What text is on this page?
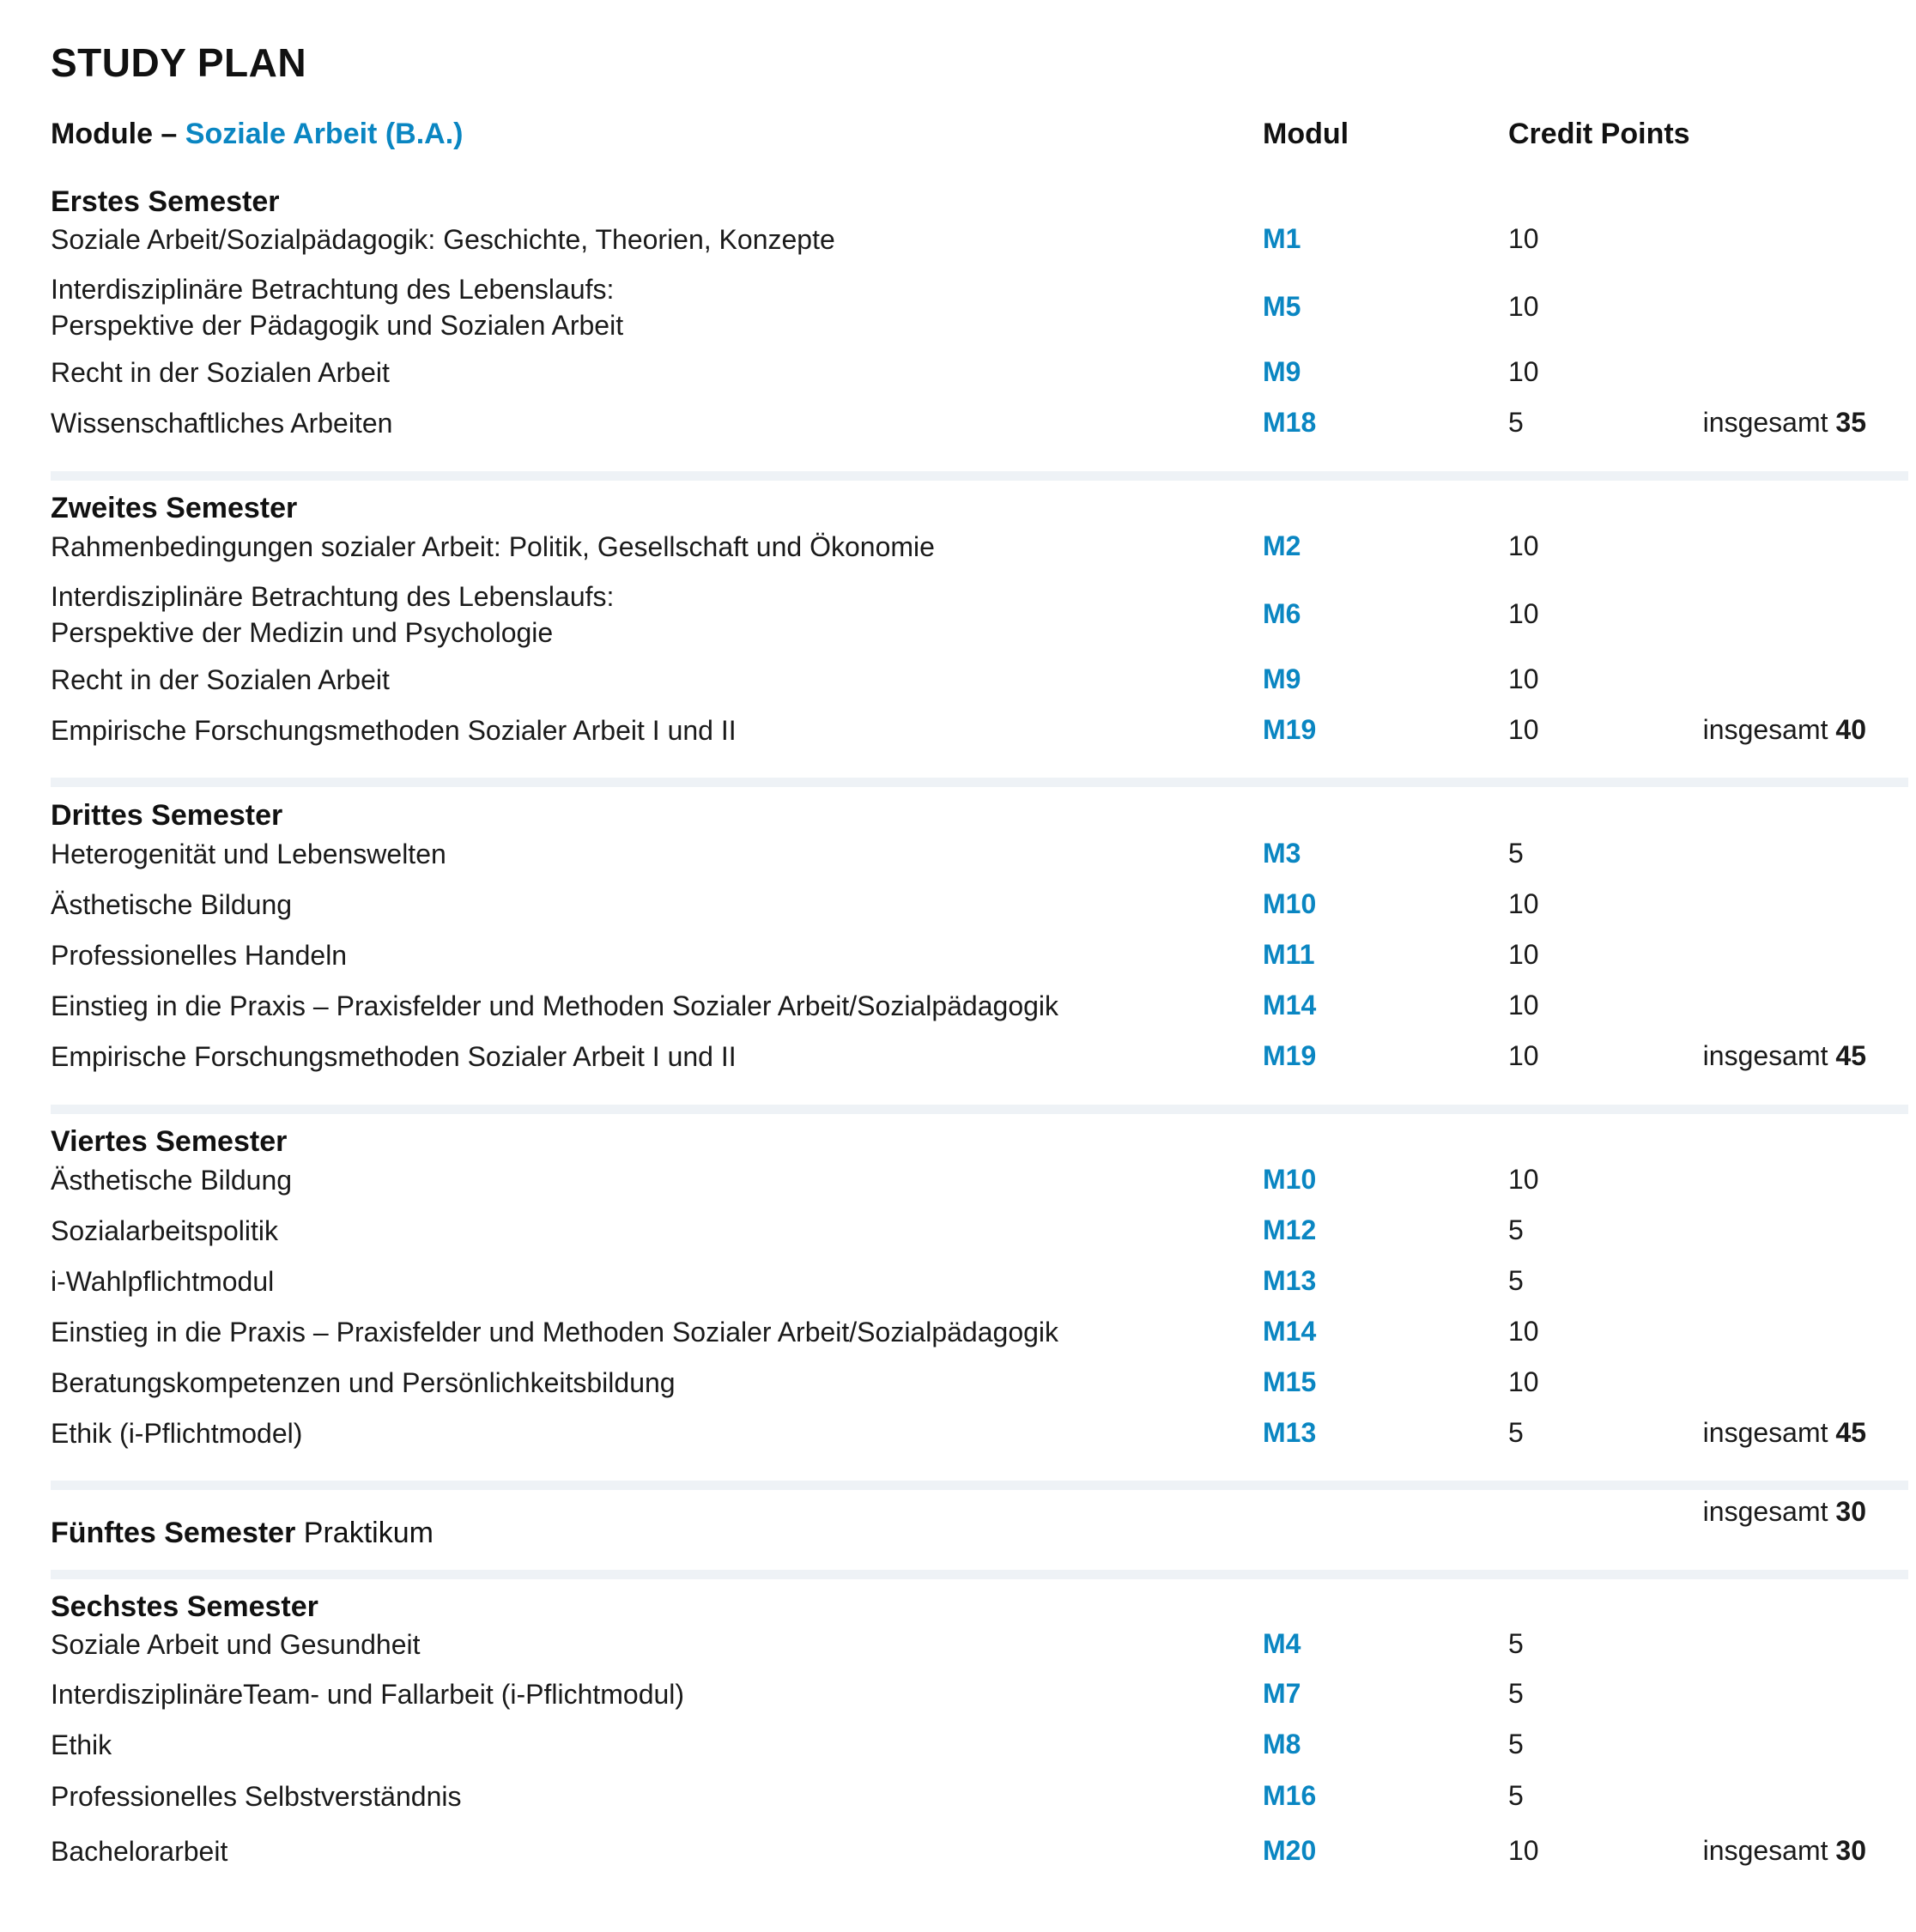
STUDY PLAN
Module – Soziale Arbeit (B.A.)	Modul	Credit Points
Erstes Semester
Soziale Arbeit/Sozialpädagogik: Geschichte, Theorien, Konzepte	M1	10
Interdisziplinäre Betrachtung des Lebenslaufs:
Perspektive der Pädagogik und Sozialen Arbeit
M5	10
Recht in der Sozialen Arbeit	M9	10
Wissenschaftliches Arbeiten	M18	5	insgesamt 35
Zweites Semester
Rahmenbedingungen sozialer Arbeit: Politik, Gesellschaft und Ökonomie	M2	10
Interdisziplinäre Betrachtung des Lebenslaufs:
Perspektive der Medizin und Psychologie
M6	10
Recht in der Sozialen Arbeit	M9	10
Empirische Forschungsmethoden Sozialer Arbeit I und II	M19	10	insgesamt 40
Drittes Semester
Heterogenität und Lebenswelten	M3	5
Ästhetische Bildung	M10	10
Professionelles Handeln	M11	10
Einstieg in die Praxis – Praxisfelder und Methoden Sozialer Arbeit/Sozialpädagogik	M14	10
Empirische Forschungsmethoden Sozialer Arbeit I und II	M19	10	insgesamt 45
Viertes Semester
Ästhetische Bildung	M10	10
Sozialarbeitspolitik	M12	5
i-Wahlpflichtmodul	M13	5
Einstieg in die Praxis – Praxisfelder und Methoden Sozialer Arbeit/Sozialpädagogik	M14	10
Beratungskompetenzen und Persönlichkeitsbildung	M15	10
Ethik (i-Pflichtmodel)	M13	5	insgesamt 45
Fünftes Semester Praktikum
insgesamt 30
Sechstes Semester
Soziale Arbeit und Gesundheit	M4	5
InterdisziplinäreTeam- und Fallarbeit (i-Pflichtmodul)	M7	5
Ethik	M8	5
Professionelles Selbstverständnis	M16	5
Bachelorarbeit	M20	10	insgesamt 30
